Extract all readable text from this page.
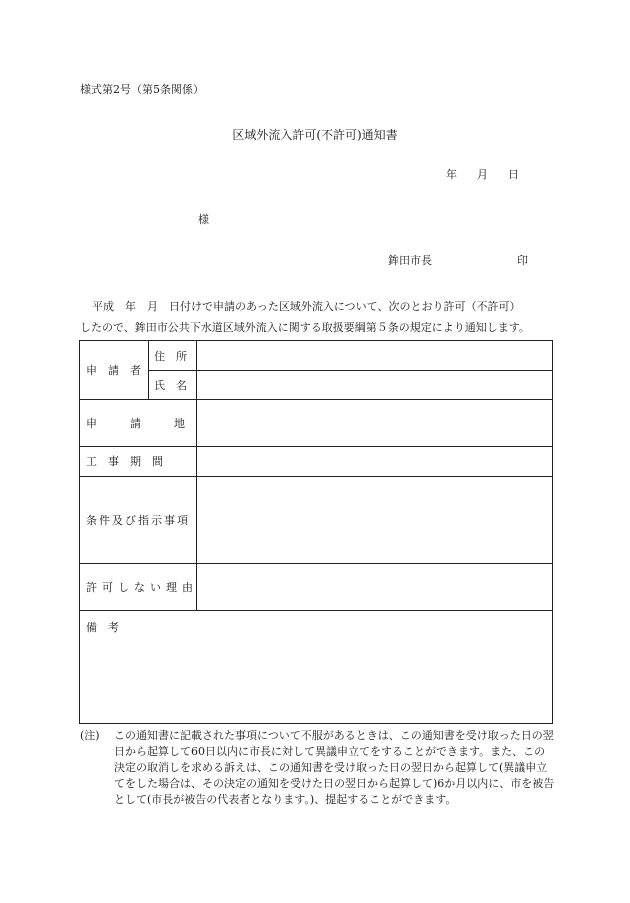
様式第2号（第5条関係）
区域外流入許可(不許可)通知書
年 月 日
様
鉾田市長	印

平成　年　月　日付けで申請のあった区域外流入について、次のとおり許可（不許可）

したので、鉾田市公共下水道区域外流入に関する取扱要綱第５条の規定により通知します。

申　請　者
住　所
氏　名
申　　　請　　　地
工　事　期　間
条件及び指示事項
許可しない理由
備　考
(注)	この通知書に記載された事項について不服があるときは、この通知書を受け取った日の翌日から起算して60日以内に市長に対して異議申立てをすることができます。また、この決定の取消しを求める訴えは、この通知書を受け取った日の翌日から起算して(異議申立てをした場合は、その決定の通知を受けた日の翌日から起算して)6か月以内に、市を被告として(市長が被告の代表者となります。)、提起することができます。
